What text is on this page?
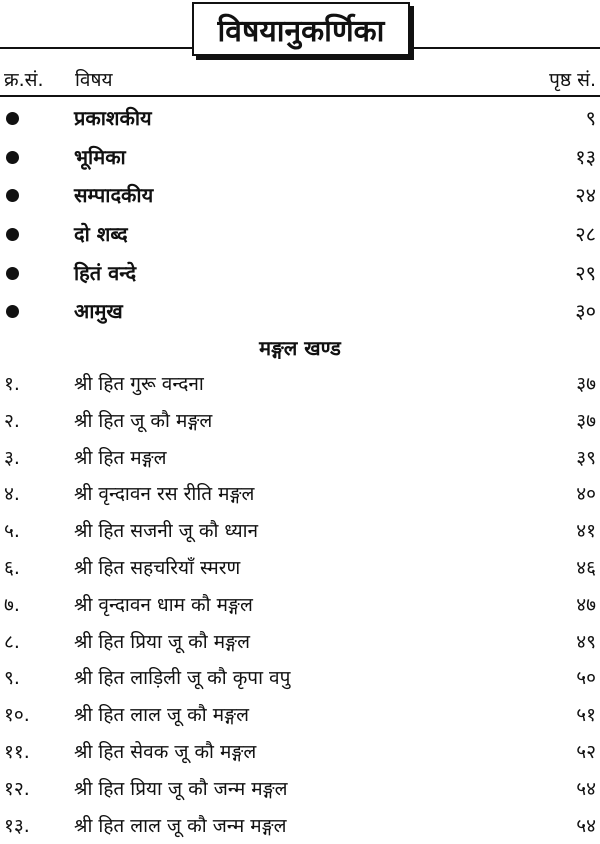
विषयानुकर्णिका
क्र.सं. विषय	पृष्ठ सं.
प्रकाशकीय	९
भूमिका	१३
सम्पादकीय	२४
दो शब्द	२८
हितं वन्दे	२९
आमुख	३०
मङ्गल खण्ड
१.	श्री हित गुरू वन्दना	३७
२.	श्री हित जू कौ मङ्गल	३७
३.	श्री हित मङ्गल	३९
४.	श्री वृन्दावन रस रीति मङ्गल	४०
५.	श्री हित सजनी जू कौ ध्यान	४१
६.	श्री हित सहचरियाँ स्मरण	४६
७.	श्री वृन्दावन धाम कौ मङ्गल	४७
८.	श्री हित प्रिया जू कौ मङ्गल	४९
९.	श्री हित लाड़िली जू कौ कृपा वपु	५०
१०. श्री हित लाल जू कौ मङ्गल	५१
११. श्री हित सेवक जू कौ मङ्गल	५२
१२. श्री हित प्रिया जू कौ जन्म मङ्गल	५४
१३. श्री हित लाल जू कौ जन्म मङ्गल	५४
